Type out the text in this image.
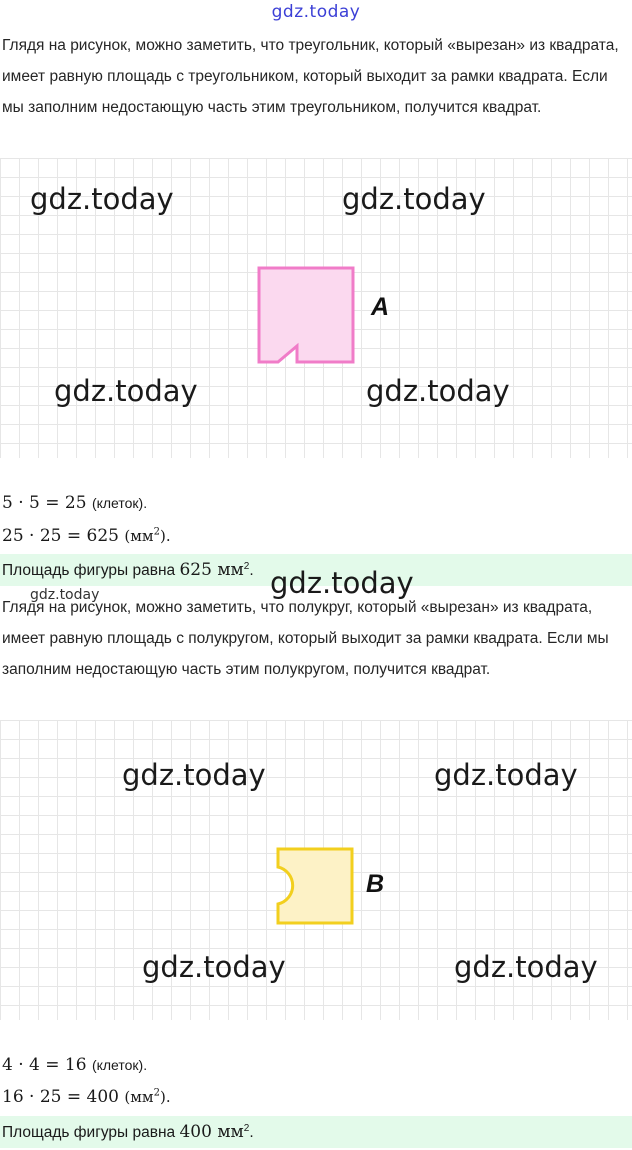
gdz.today
Глядя на рисунок, можно заметить, что треугольник, который «вырезан» из квадрата, имеет равную площадь с треугольником, который выходит за рамки квадрата. Если мы заполним недостающую часть этим треугольником, получится квадрат.
gdz.today	gdz.today
gdz.today	gdz.today
A
5 · 5 = 25 (клеток).
25 · 25 = 625 $(мм^2)$.
Площадь фигуры равна 625 $мм^2$. gdz.today
gdz.today
Глядя на рисунок, можно заметить, что полукруг, который «вырезан» из квадрата, имеет равную площадь с полукругом, который выходит за рамки квадрата. Если мы заполним недостающую часть этим полукругом, получится квадрат.
gdz.today	gdz.today
gdz.today	gdz.today
B
4 · 4 = 16 (клеток).
16 · 25 = 400 $(мм^2)$.
Площадь фигуры равна 400 $мм^2$.
